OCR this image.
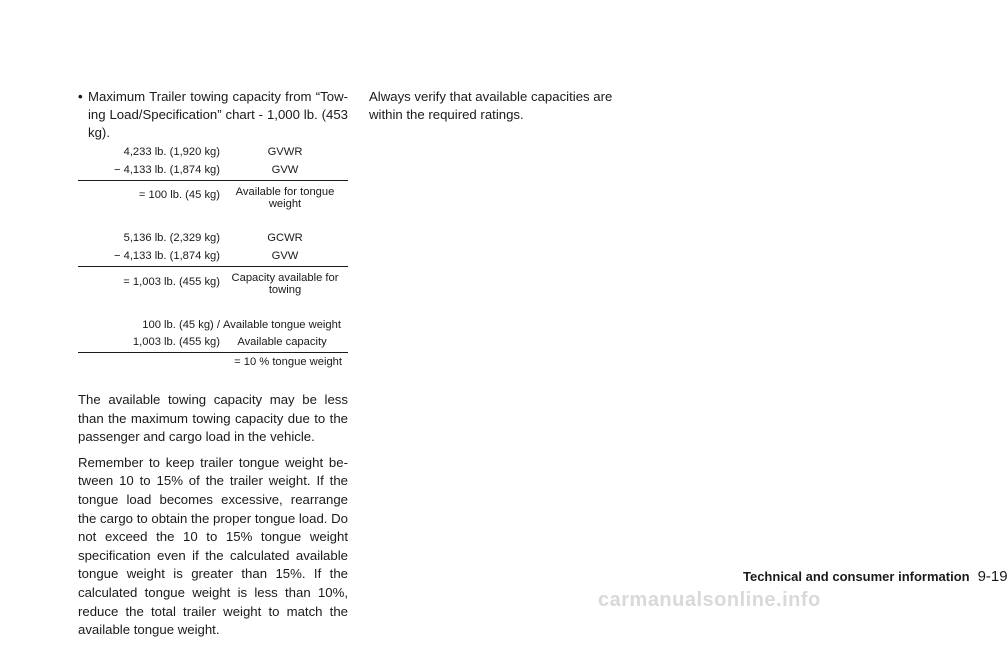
• Maximum Trailer towing capacity from “Towing Load/Specification” chart - 1,000 lb. (453 kg).
4,233 lb. (1,920 kg)	GVWR
− 4,133 lb. (1,874 kg)	GVW
= 100 lb. (45 kg)	Available for tongue weight
5,136 lb. (2,329 kg)	GCWR
− 4,133 lb. (1,874 kg)	GVW
= 1,003 lb. (455 kg)	Capacity available for towing
100 lb. (45 kg) / Available tongue weight
1,003 lb. (455 kg)	Available capacity
= 10 % tongue weight

The available towing capacity may be less than the maximum towing capacity due to the passenger and cargo load in the vehicle.

Remember to keep trailer tongue weight between 10 to 15% of the trailer weight. If the tongue load becomes excessive, rearrange the cargo to obtain the proper tongue load. Do not exceed the 10 to 15% tongue weight specification even if the calculated available tongue weight is greater than 15%. If the calculated tongue weight is less than 10%, reduce the total trailer weight to match the available tongue weight.

Always verify that available capacities are within the required ratings.

Technical and consumer information 9-19
carmanualsonline.info
